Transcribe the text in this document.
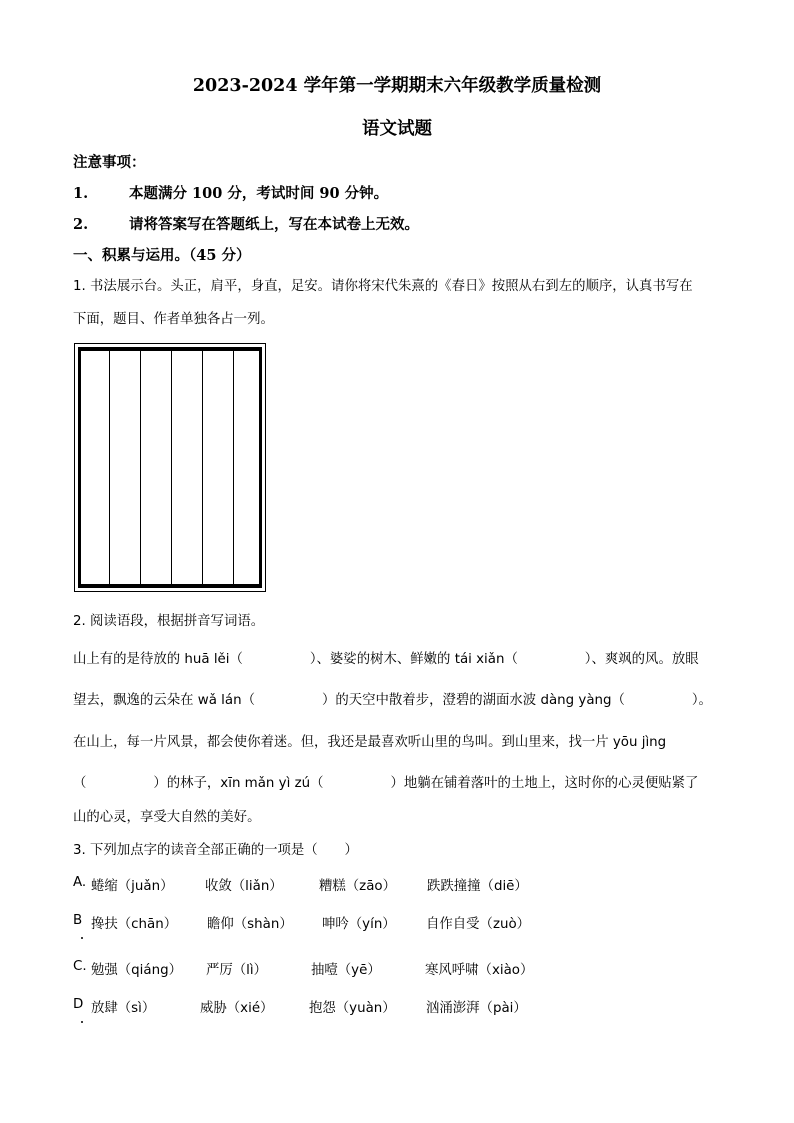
2023-2024 学年第一学期期末六年级教学质量检测
语文试题
注意事项：
1.	本题满分 100 分，考试时间 90 分钟。
2.	请将答案写在答题纸上，写在本试卷上无效。
一、积累与运用。（45 分）
1. 书法展示台。头正，肩平，身直，足安。请你将宋代朱熹的《春日》按照从右到左的顺序，认真书写在
下面，题目、作者单独各占一列。
2. 阅读语段，根据拼音写词语。
山上有的是待放的 huā lěi（　　　　　）、婆娑的树木、鲜嫩的 tái xiǎn（　　　　　）、爽飒的风。放眼
望去，飘逸的云朵在 wǎ lán（　　　　　）的天空中散着步，澄碧的湖面水波 dàng yàng（　　　　　）。
在山上，每一片风景，都会使你着迷。但，我还是最喜欢听山里的鸟叫。到山里来，找一片 yōu jìng
（　　　　　）的林子，xīn mǎn yì zú（　　　　　）地躺在铺着落叶的土地上，这时你的心灵便贴紧了
山的心灵，享受大自然的美好。
3. 下列加点字的读音全部正确的一项是（　　）
A. 蜷缩（juǎn） 收敛（liǎn）	糟糕（zāo） 跌跌撞撞（diē）
B 搀扶（chān） 瞻仰（shàn） 呻吟（yín） 自作自受（zuò）
C. 勉强（qiáng） 严厉（lì）	抽噎（yē）	寒风呼啸（xiào）
D 放肆（sì）	威胁（xié）	抱怨（yuàn） 汹涌澎湃（pài）
